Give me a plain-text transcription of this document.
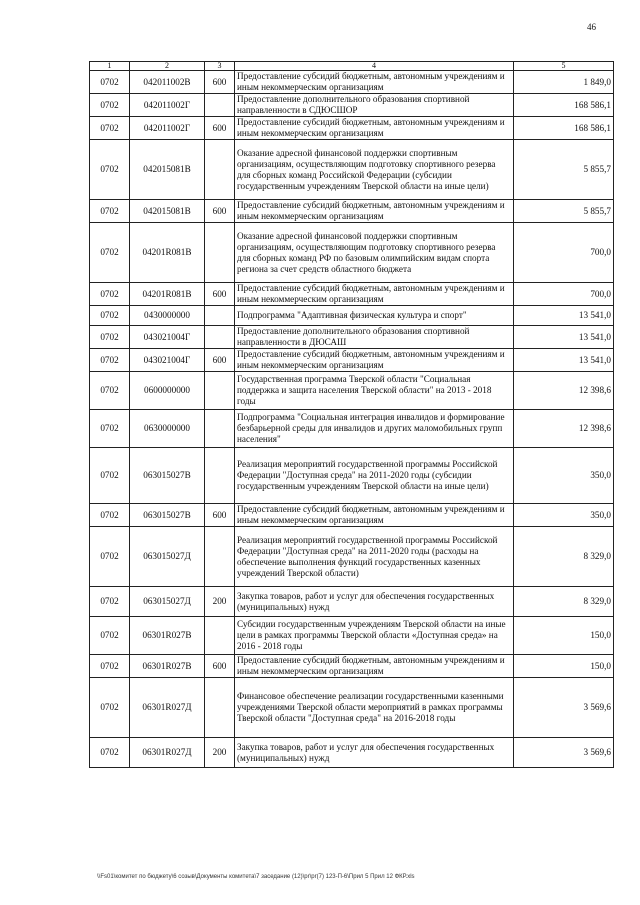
46
1	2	3	4	5
0702	042011002В	600	Предоставление субсидий бюджетным, автономным учреждениям и иным некоммерческим организациям	1 849,0
0702	042011002Г		Предоставление дополнительного образования спортивной направленности в СДЮСШОР	168 586,1
0702	042011002Г	600	Предоставление субсидий бюджетным, автономным учреждениям и иным некоммерческим организациям	168 586,1
0702	042015081В		Оказание адресной финансовой поддержки спортивным организациям, осуществляющим подготовку спортивного резерва для сборных команд Российской Федерации (субсидии государственным учреждениям Тверской области на иные цели)	5 855,7
0702	042015081В	600	Предоставление субсидий бюджетным, автономным учреждениям и иным некоммерческим организациям	5 855,7
0702	04201R081В		Оказание адресной финансовой поддержки спортивным организациям, осуществляющим подготовку спортивного резерва для сборных команд РФ по базовым олимпийским видам спорта региона за счет средств областного бюджета	700,0
0702	04201R081В	600	Предоставление субсидий бюджетным, автономным учреждениям и иным некоммерческим организациям	700,0
0702	0430000000		Подпрограмма "Адаптивная физическая культура и спорт"	13 541,0
0702	043021004Г		Предоставление дополнительного образования спортивной направленности в ДЮСАШ	13 541,0
0702	043021004Г	600	Предоставление субсидий бюджетным, автономным учреждениям и иным некоммерческим организациям	13 541,0
0702	0600000000		Государственная программа Тверской области "Социальная поддержка и защита населения Тверской области" на 2013 - 2018 годы	12 398,6
0702	0630000000		Подпрограмма "Социальная интеграция инвалидов и формирование безбарьерной среды для инвалидов и других маломобильных групп населения"	12 398,6
0702	063015027В		Реализация мероприятий государственной программы Российской Федерации "Доступная среда" на 2011-2020 годы (субсидии государственным учреждениям Тверской области на иные цели)	350,0
0702	063015027В	600	Предоставление субсидий бюджетным, автономным учреждениям и иным некоммерческим организациям	350,0
0702	063015027Д		Реализация мероприятий государственной программы Российской Федерации "Доступная среда" на 2011-2020 годы (расходы на обеспечение выполнения функций государственных казенных учреждений Тверской области)	8 329,0
0702	063015027Д	200	Закупка товаров, работ и услуг для обеспечения государственных (муниципальных) нужд	8 329,0
0702	06301R027В		Субсидии государственным учреждениям Тверской области на иные цели в рамках программы Тверской области «Доступная среда» на 2016 - 2018 годы	150,0
0702	06301R027В	600	Предоставление субсидий бюджетным, автономным учреждениям и иным некоммерческим организациям	150,0
0702	06301R027Д		Финансовое обеспечение реализации государственными казенными учреждениями Тверской области мероприятий в рамках программы Тверской области "Доступная среда" на 2016-2018 годы	3 569,6
0702	06301R027Д	200	Закупка товаров, работ и услуг для обеспечения государственных (муниципальных) нужд	3 569,6
\\Fs01\комитет по бюджету\6 созыв\Документы комитета\7 заседание (12)\pr\pr(7) 123-П-6\Прил 5 Прил 12 ФКР.xls
